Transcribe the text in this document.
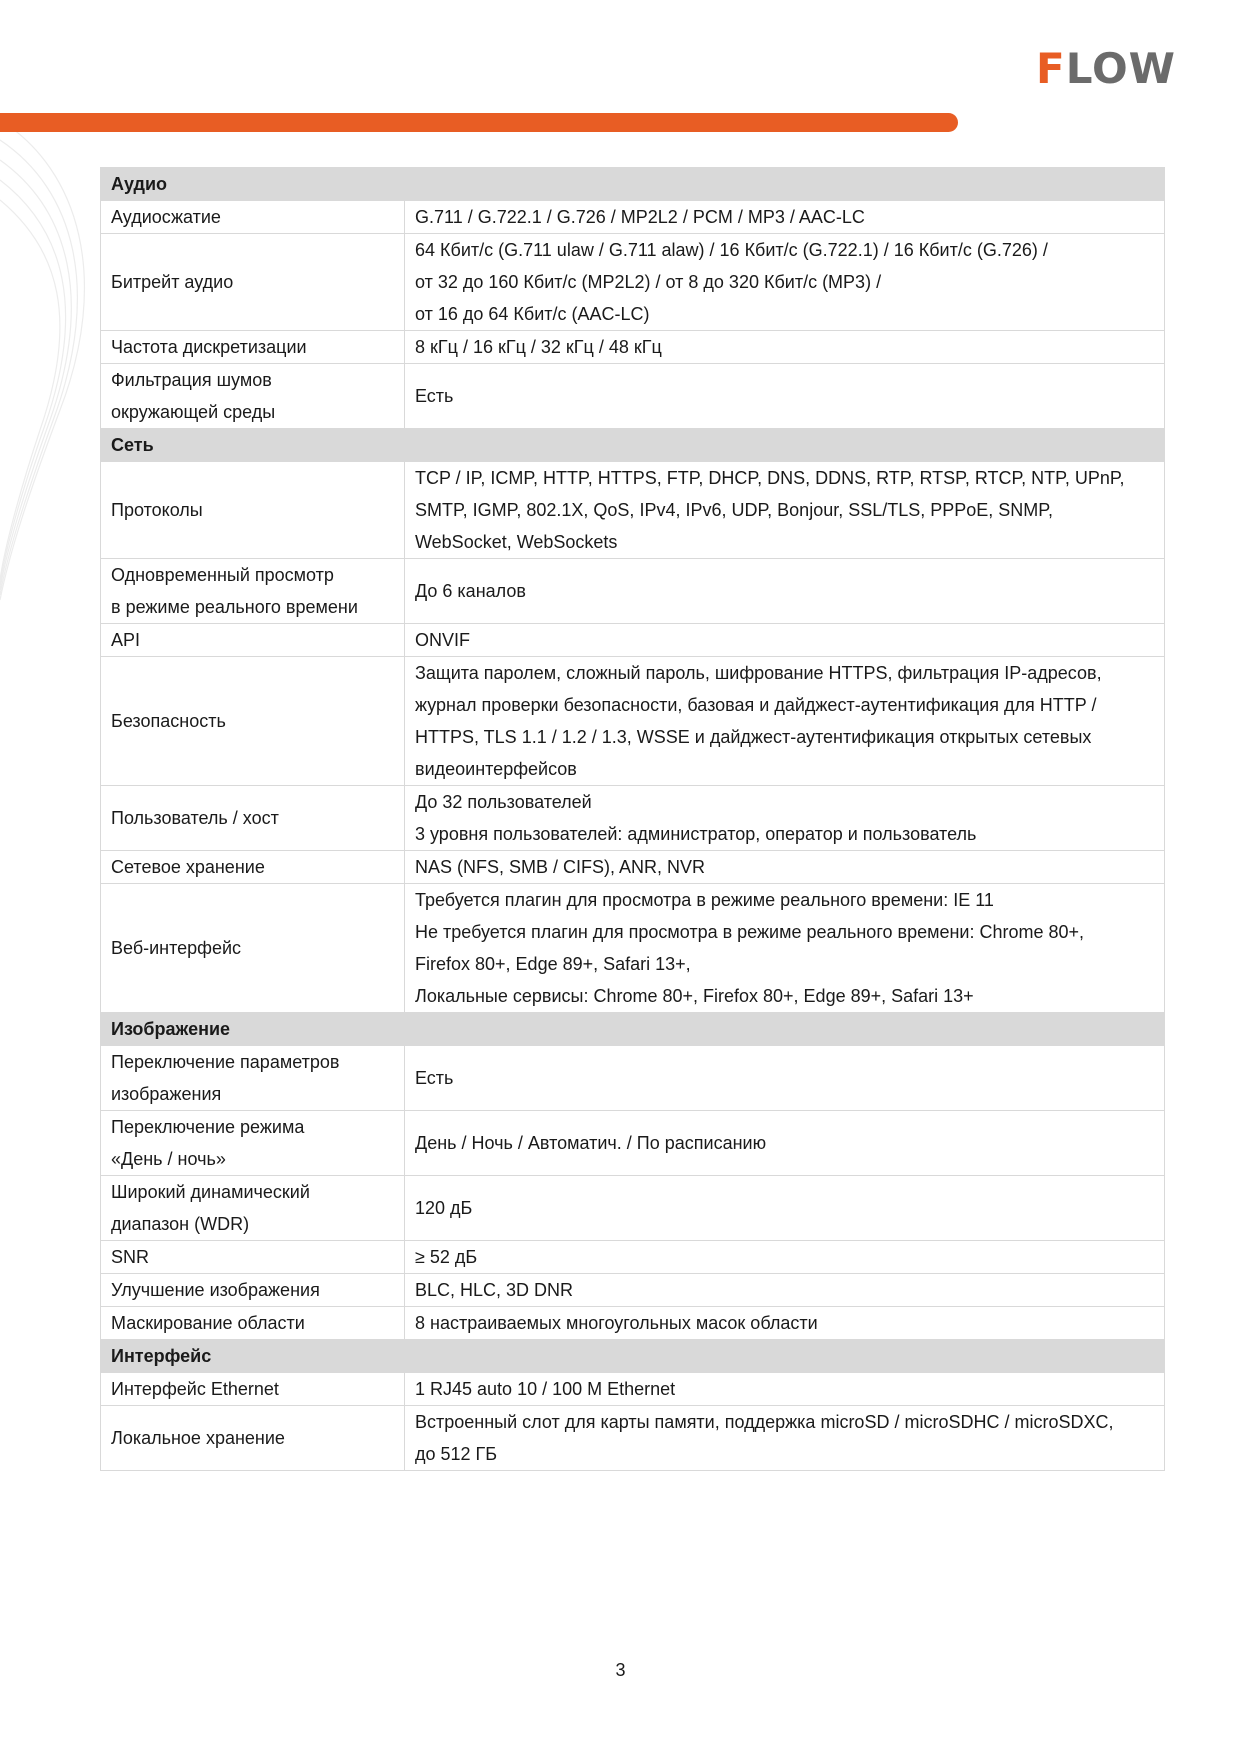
F LOW
Аудио	

Аудиосжатие	G.711 / G.722.1 / G.726 / MP2L2 / PCM / MP3 / AAC-LC

Битрейт аудио	64 Кбит/с (G.711 ulaw / G.711 alaw) / 16 Кбит/с (G.722.1) / 16 Кбит/с (G.726) /
от 32 до 160 Кбит/с (MP2L2) / от 8 до 320 Кбит/с (MP3) /
от 16 до 64 Кбит/с (AAC-LC)

Частота дискретизации	8 кГц / 16 кГц / 32 кГц / 48 кГц

Фильтрация шумов
окружающей среды	Есть

Сеть	

Протоколы	TCP / IP, ICMP, HTTP, HTTPS, FTP, DHCP, DNS, DDNS, RTP, RTSP, RTCP, NTP, UPnP,
SMTP, IGMP, 802.1X, QoS, IPv4, IPv6, UDP, Bonjour, SSL/TLS, PPPoE, SNMP,
WebSocket, WebSockets

Одновременный просмотр
в режиме реального времени	До 6 каналов

API	ONVIF

Безопасность	Защита паролем, сложный пароль, шифрование HTTPS, фильтрация IP-адресов,
журнал проверки безопасности, базовая и дайджест-аутентификация для HTTP /
HTTPS, TLS 1.1 / 1.2 / 1.3, WSSE и дайджест-аутентификация открытых сетевых
видеоинтерфейсов

Пользователь / хост	До 32 пользователей
3 уровня пользователей: администратор, оператор и пользователь

Сетевое хранение	NAS (NFS, SMB / CIFS), ANR, NVR

Веб-интерфейс	Требуется плагин для просмотра в режиме реального времени: IE 11
Не требуется плагин для просмотра в режиме реального времени: Chrome 80+,
Firefox 80+, Edge 89+, Safari 13+,
Локальные сервисы: Chrome 80+, Firefox 80+, Edge 89+, Safari 13+

Изображение	

Переключение параметров
изображения	Есть

Переключение режима
«День / ночь»	День / Ночь / Автоматич. / По расписанию

Широкий динамический
диапазон (WDR)	120 дБ

SNR	≥ 52 дБ

Улучшение изображения	BLC, HLC, 3D DNR

Маскирование области	8 настраиваемых многоугольных масок области

Интерфейс	

Интерфейс Ethernet	1 RJ45 auto 10 / 100 M Ethernet

Локальное хранение	Встроенный слот для карты памяти, поддержка microSD / microSDHC / microSDXC,
до 512 ГБ
3
